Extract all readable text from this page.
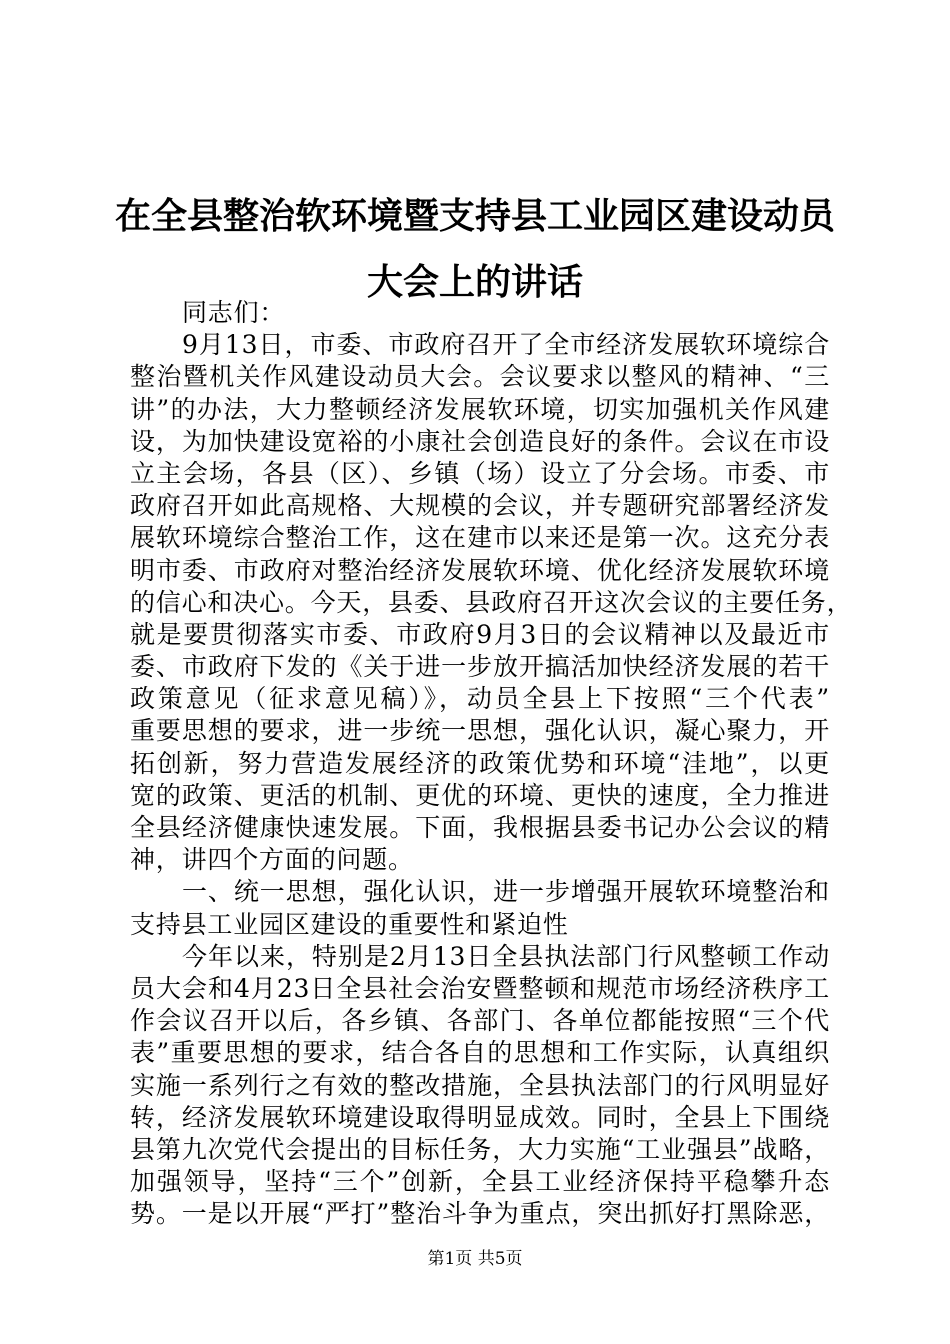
在全县整治软环境暨支持县工业园区建设动员
大会上的讲话
同志们：
9月13日，市委、市政府召开了全市经济发展软环境综合
整治暨机关作风建设动员大会。会议要求以整风的精神、“三
讲”的办法，大力整顿经济发展软环境，切实加强机关作风建
设，为加快建设宽裕的小康社会创造良好的条件。会议在市设
立主会场，各县（区）、乡镇（场）设立了分会场。市委、市
政府召开如此高规格、大规模的会议，并专题研究部署经济发
展软环境综合整治工作，这在建市以来还是第一次。这充分表
明市委、市政府对整治经济发展软环境、优化经济发展软环境
的信心和决心。今天，县委、县政府召开这次会议的主要任务，
就是要贯彻落实市委、市政府9月3日的会议精神以及最近市
委、市政府下发的《关于进一步放开搞活加快经济发展的若干
政策意见（征求意见稿）》，动员全县上下按照“三个代表”
重要思想的要求，进一步统一思想，强化认识，凝心聚力，开
拓创新，努力营造发展经济的政策优势和环境“洼地”，以更
宽的政策、更活的机制、更优的环境、更快的速度，全力推进
全县经济健康快速发展。下面，我根据县委书记办公会议的精
神，讲四个方面的问题。
一、统一思想，强化认识，进一步增强开展软环境整治和
支持县工业园区建设的重要性和紧迫性
今年以来，特别是2月13日全县执法部门行风整顿工作动
员大会和4月23日全县社会治安暨整顿和规范市场经济秩序工
作会议召开以后，各乡镇、各部门、各单位都能按照“三个代
表”重要思想的要求，结合各自的思想和工作实际，认真组织
实施一系列行之有效的整改措施，全县执法部门的行风明显好
转，经济发展软环境建设取得明显成效。同时，全县上下围绕
县第九次党代会提出的目标任务，大力实施“工业强县”战略，
加强领导，坚持“三个”创新，全县工业经济保持平稳攀升态
势。一是以开展“严打”整治斗争为重点，突出抓好打黑除恶，
第1页 共5页
